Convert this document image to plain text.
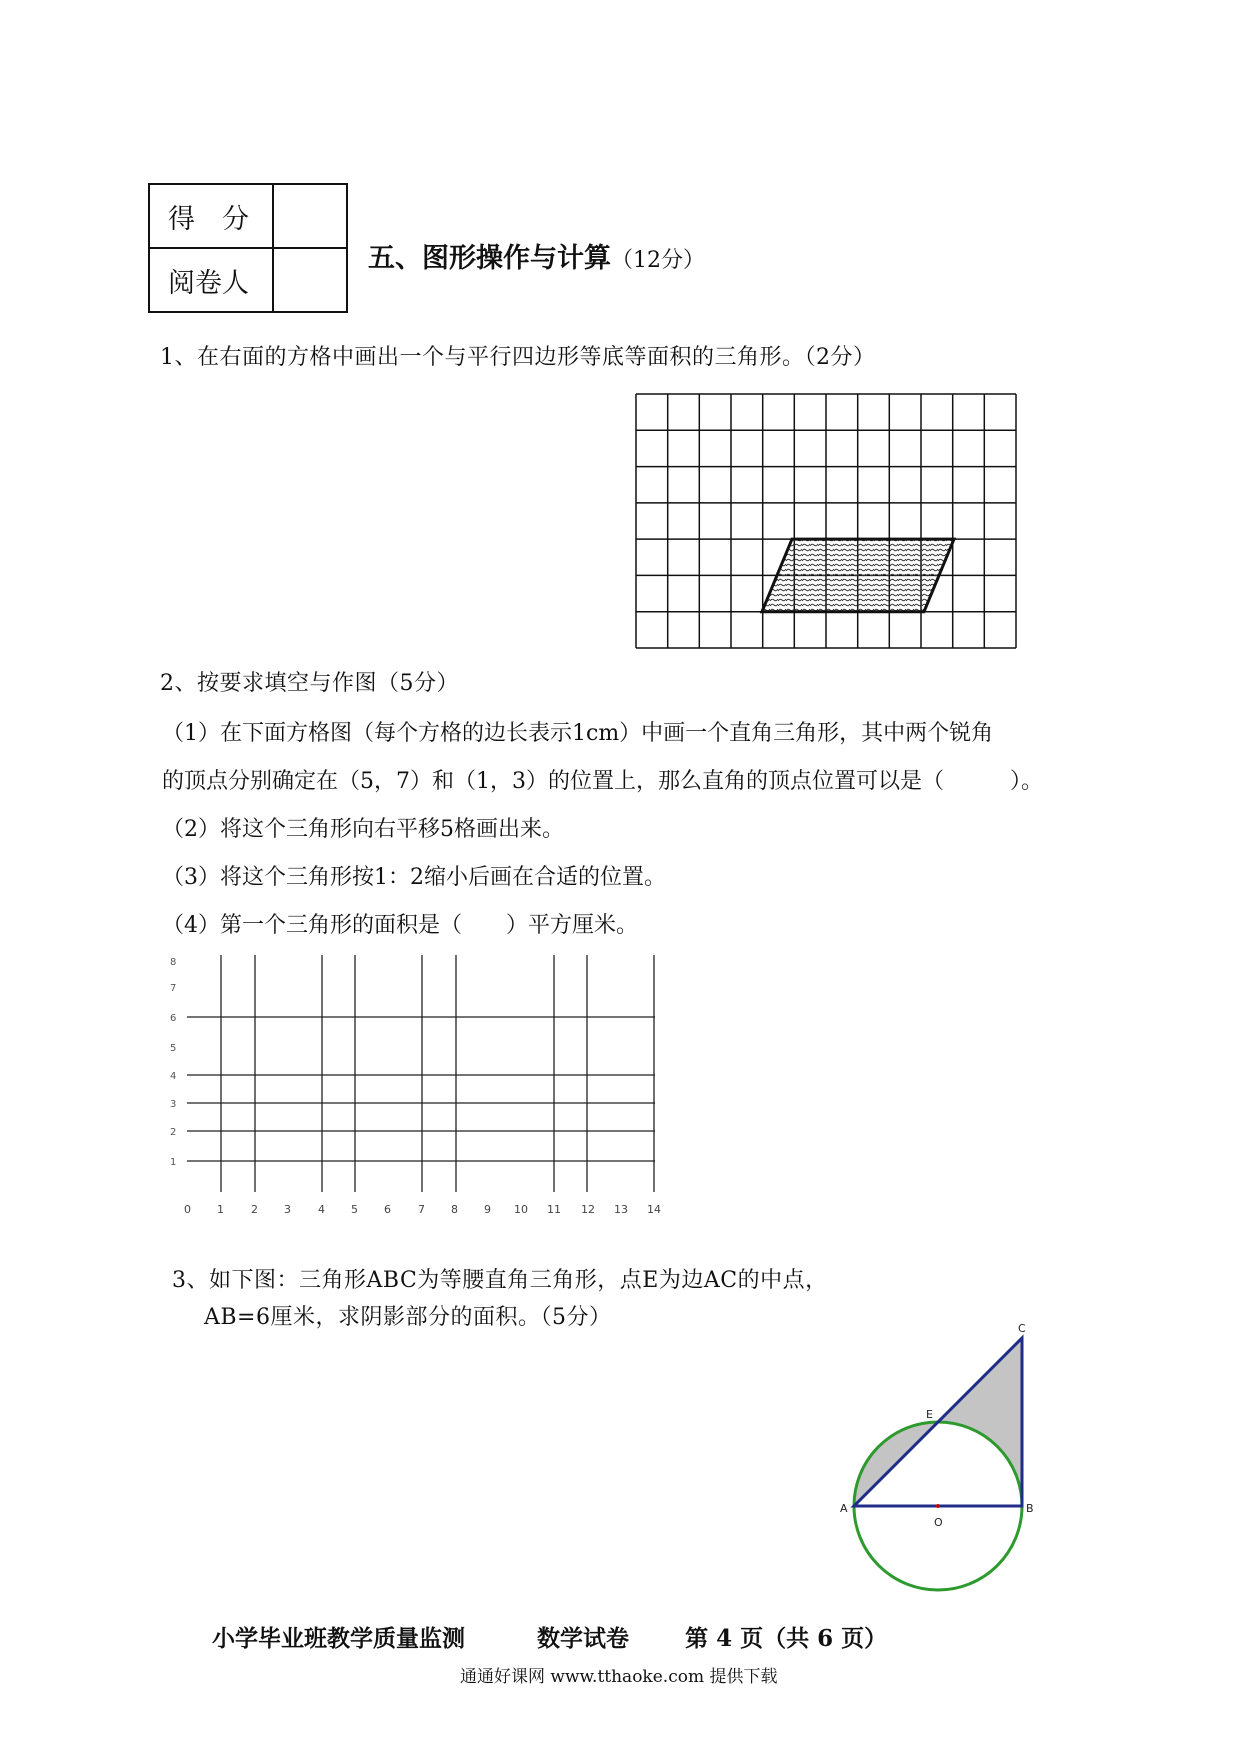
得　分
阅卷人
五、图形操作与计算（12分）
1、在右面的方格中画出一个与平行四边形等底等面积的三角形。（2分）
2、按要求填空与作图（5分）
（1）在下面方格图（每个方格的边长表示1cm）中画一个直角三角形，其中两个锐角
的顶点分别确定在（5，7）和（1，3）的位置上，那么直角的顶点位置可以是（　　　）。
（2）将这个三角形向右平移5格画出来。
（3）将这个三角形按1：2缩小后画在合适的位置。
（4）第一个三角形的面积是（　　）平方厘米。
0 1 2 3 4 5 6 7 8 9 10 11 12 13 14
8
7
6
5
4
3
2
1
3、如下图：三角形ABC为等腰直角三角形，点E为边AC的中点，
AB=6厘米，求阴影部分的面积。（5分）
A	B
C
E
O
小学毕业班教学质量监测	数学试卷 第 4 页（共 6 页）
通通好课网 www.tthaoke.com 提供下载
